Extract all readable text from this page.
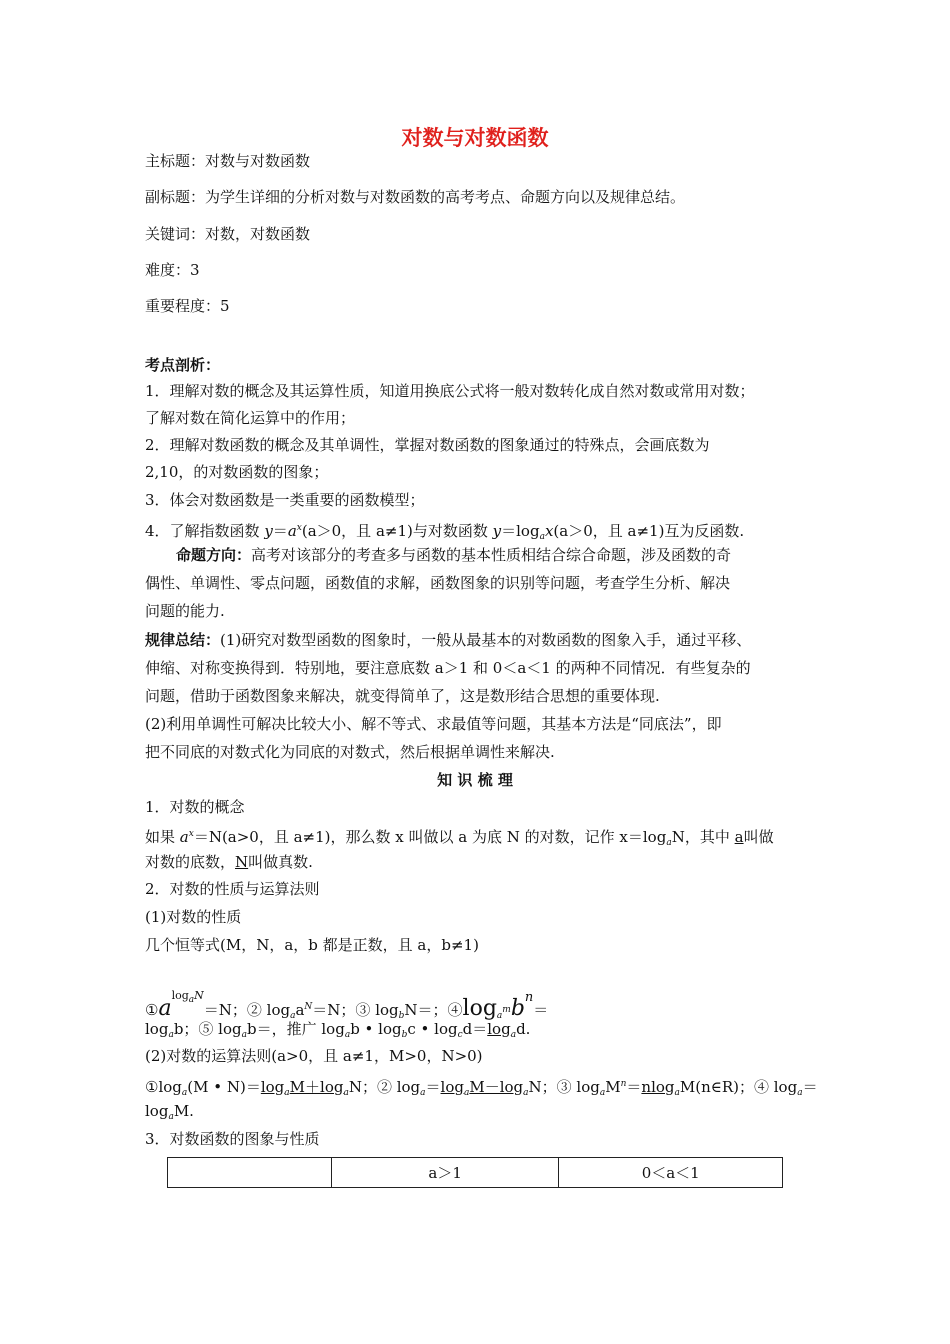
对数与对数函数
主标题：对数与对数函数
副标题：为学生详细的分析对数与对数函数的高考考点、命题方向以及规律总结。
关键词：对数，对数函数
难度：3
重要程度：5
考点剖析：
1．理解对数的概念及其运算性质，知道用换底公式将一般对数转化成自然对数或常用对数；
了解对数在简化运算中的作用；
2．理解对数函数的概念及其单调性，掌握对数函数的图象通过的特殊点，会画底数为
2,10，的对数函数的图象；
3．体会对数函数是一类重要的函数模型；
4．了解指数函数 $y=a^x(a>0$，且 a≠1)与对数函数 $y=\log_ax(a>0$，且 a≠1)互为反函数.
命题方向：高考对该部分的考查多与函数的基本性质相结合综合命题，涉及函数的奇
偶性、单调性、零点问题，函数值的求解，函数图象的识别等问题，考查学生分析、解决
问题的能力.
规律总结：(1)研究对数型函数的图象时，一般从最基本的对数函数的图象入手，通过平移、
伸缩、对称变换得到．特别地，要注意底数 a＞1 和 0＜a＜1 的两种不同情况．有些复杂的
问题，借助于函数图象来解决，就变得简单了，这是数形结合思想的重要体现.
(2)利用单调性可解决比较大小、解不等式、求最值等问题，其基本方法是“同底法”，即
把不同底的对数式化为同底的对数式，然后根据单调性来解决.
知 识 梳 理
1．对数的概念
如果 $a^x=N(a>0$，且 a≠1)，那么数 x 叫做以 a 为底 N 的对数，记作 $x=\log_aN$，其中 a叫做
对数的底数，N叫做真数.
2．对数的性质与运算法则
(1)对数的性质
几个恒等式(M，N，a，b 都是正数，且 a，b≠1)
$①a^{log_aN}=N$；② $\log_aa^N=N$；③ $\log_bN=$；$④\log_{a^m}b^n=$
$\log_ab$；⑤ $\log_ab=$，推广 $\log_ab$ • $\log_bc$ • $\log_cd=\log_ad$.
(2)对数的运算法则(a>0，且 a≠1，M>0，N>0)
$①\log_a(M$ • $N)=\log_aM+\log_aN$；② $\log_a=\log_aM-\log_aN$；③ $\log_aM^n=nlog_aM(n\in R)$；④ $\log_a=$
$\log_aM$.
3．对数函数的图象与性质
	a＞1	0＜a＜1
